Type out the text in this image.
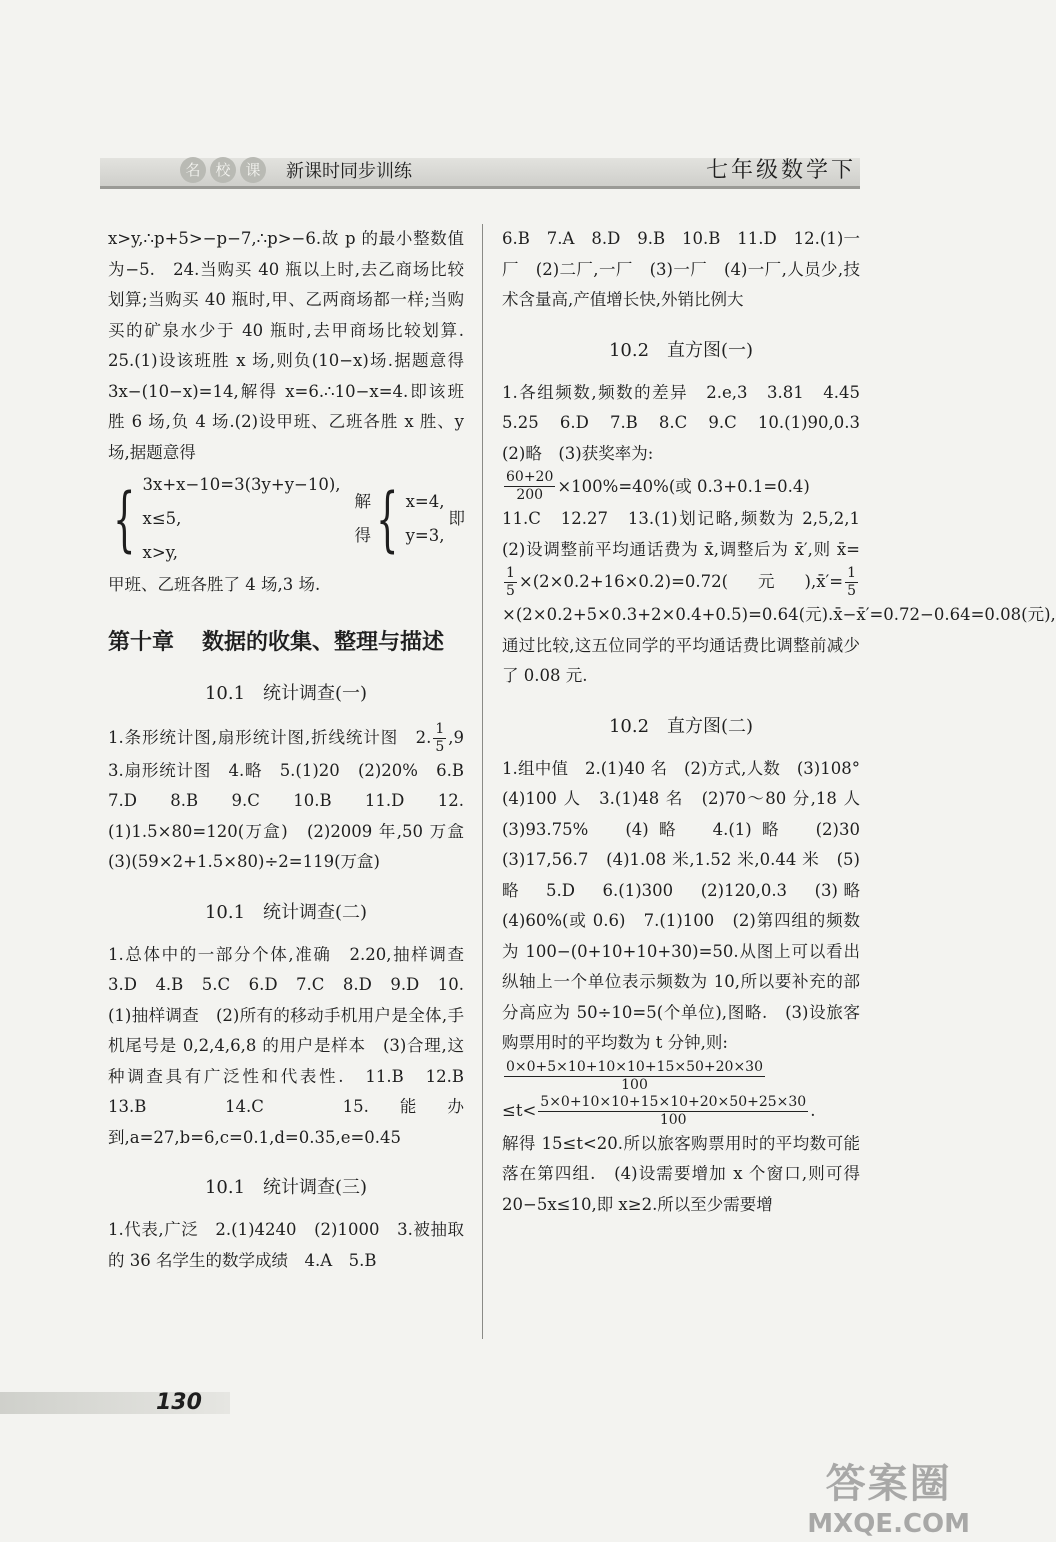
名 校 课	新课时同步训练	七年级数学下

x>y,∴p+5>−p−7,∴p>−6.故 p 的最小整数值为−5.　24.当购买 40 瓶以上时,去乙商场比较划算;当购买 40 瓶时,甲、乙两商场都一样;当购买的矿泉水少于 40 瓶时,去甲商场比较划算.　25.(1)设该班胜 x 场,则负(10−x)场.据题意得 3x−(10−x)=14,解得 x=6.∴10−x=4.即该班胜 6 场,负 4 场.(2)设甲班、乙班各胜 x 胜、y 场,据题意得

{ 3x+x−10=3(3y+y−10),
x≤5,
x>y,
解得 { x=4,
y=3,
即

甲班、乙班各胜了 4 场,3 场.

第十章 数据的收集、整理与描述
10.1　统计调查(一)

1.条形统计图,扇形统计图,折线统计图　2. $\frac{1}{5} ,9$　3.扇形统计图　4.略　5.(1)20　(2)20%　6.B　7.D　8.B　9.C　10.B　11.D　12.(1)1.5×80=120(万盒)　(2)2009 年,50 万盒　(3)(59×2+1.5×80)÷2=119(万盒)

10.1　统计调查(二)

1.总体中的一部分个体,准确　2.20,抽样调查　3.D　4.B　5.C　6.D　7.C　8.D　9.D　10.(1)抽样调查　(2)所有的移动手机用户是全体,手机尾号是 0,2,4,6,8 的用户是样本　(3)合理,这种调查具有广泛性和代表性.　11.B　12.B　13.B　14.C　15.能办到,a=27,b=6,c=0.1,d=0.35,e=0.45

10.1　统计调查(三)

1.代表,广泛　2.(1)4240　(2)1000　3.被抽取的 36 名学生的数学成绩　4.A　5.B

6.B　7.A　8.D　9.B　10.B　11.D　12.(1)一厂　(2)二厂,一厂　(3)一厂　(4)一厂,人员少,技术含量高,产值增长快,外销比例大

10.2　直方图(一)

1.各组频数,频数的差异　2.e,3　3.81　4.45　5.25　6.D　7.B　8.C　9.C　10.(1)90,0.3　(2)略　(3)获奖率为:

$\frac{60+20}{200} \times 100\%=40\%$(或 0.3+0.1=0.4)

11.C　12.27　13.(1)划记略,频数为 2,5,2,1　(2)设调整前平均通话费为 x̄,调整后为 x̄′,则 x̄=
$\frac{1}{5} \times(2\times 0.2+16\times 0.2)=0.72$(元),x̄′= $\frac{1}{5}$
×(2×0.2+5×0.3+2×0.4+0.5)=0.64(元).x̄−x̄′=0.72−0.64=0.08(元),通过比较,这五位同学的平均通话费比调整前减少了 0.08 元.

10.2　直方图(二)

1.组中值　2.(1)40 名　(2)方式,人数　(3)108°　(4)100 人　3.(1)48 名　(2)70～80 分,18 人　(3)93.75%　(4)略　4.(1)略　(2)30　(3)17,56.7　(4)1.08 米,1.52 米,0.44 米　(5)略　5.D　6.(1)300　(2)120,0.3　(3)略　(4)60%(或 0.6)　7.(1)100　(2)第四组的频数为 100−(0+10+10+30)=50.从图上可以看出纵轴上一个单位表示频数为 10,所以要补充的部分高应为 50÷10=5(个单位),图略.　(3)设旅客购票用时的平均数为 t 分钟,则:

$\frac{0\times 0+5\times 10+10\times 10+15\times 50+20\times 30}{100}$
$\le t< \frac{5\times 0+10\times 10+15\times 10+20\times 50+25\times 30}{100}$ .

解得 15≤t<20.所以旅客购票用时的平均数可能落在第四组.　(4)设需要增加 x 个窗口,则可得 20−5x≤10,即 x≥2.所以至少需要增

130
答案圈
MXQE.COM
